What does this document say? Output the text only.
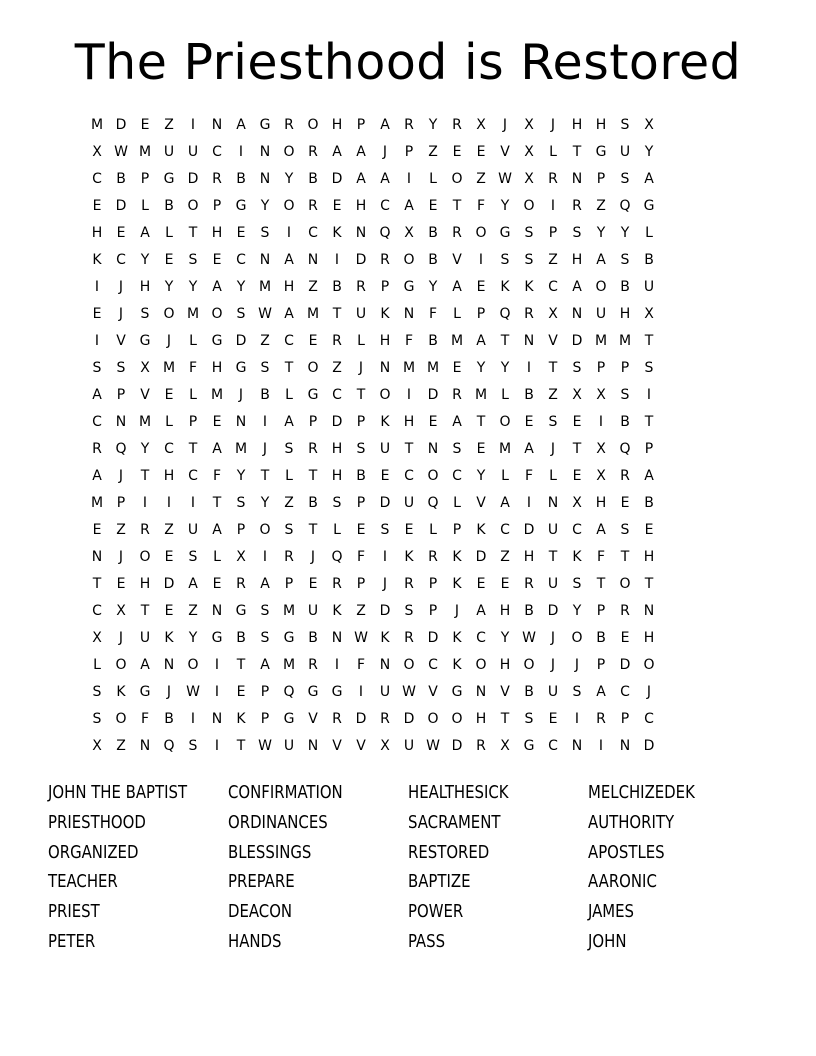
The Priesthood is Restored
M D	E	Z	I	N A G R O H	P	A	R	Y	R	X	J	X	J	H H	S	X
X W M U U C	I	N O R	A	A	J	P	Z	E	E	V	X	L	T	G U	Y
C	B	P	G D R	B N	Y	B D A	A	I	L	O Z W X	R N	P	S	A
E	D	L	B O	P	G	Y	O R	E	H C	A	E	T	F	Y	O	I	R	Z Q G
H	E	A	L	T	H	E	S	I	C	K	N Q X	B	R O G	S	P	S	Y	Y	L
K	C	Y	E	S	E	C N A N	I	D R O B	V	I	S	S	Z H A	S	B
I	J	H	Y	Y	A	Y M H Z	B	R	P	G	Y	A	E	K	K	C	A O B	U
E	J	S	O M O	S W A M T	U	K	N	F	L	P	Q R	X N U H X
I	V G	J	L	G D Z	C	E	R	L	H	F	B M A	T	N V D M M T
S	S	X M F	H G	S	T	O Z	J	N M M E	Y	Y	I	T	S	P	P	S
A	P	V	E	L	M	J	B	L	G C	T	O	I	D R M	L	B	Z	X	X	S	I
C N M	L	P	E	N	I	A	P	D	P	K	H	E	A	T	O	E	S	E	I	B	T
R Q	Y	C	T	A M	J	S	R H	S	U	T	N	S	E M A	J	T	X Q	P
A	J	T	H C	F	Y	T	L	T	H B	E	C O C	Y	L	F	L	E	X	R	A
M P	I	I	I	T	S	Y	Z	B	S	P	D U Q	L	V	A	I	N X H	E	B
E	Z	R	Z	U	A	P	O	S	T	L	E	S	E	L	P	K	C D U C	A	S	E
N	J	O	E	S	L	X	I	R	J	Q	F	I	K	R	K	D Z H	T	K	F	T	H
T	E	H D A	E	R	A	P	E	R	P	J	R	P	K	E	E	R	U	S	T	O	T
C	X	T	E	Z N G	S M U	K	Z D	S	P	J	A H B D	Y	P	R N
X	J	U	K	Y	G B	S	G B N W K	R D	K	C	Y W	J	O B	E	H
L	O A N O	I	T	A M R	I	F	N O C	K O H O	J	J	P	D O
S	K G	J	W	I	E	P	Q G G	I	U W V G N V	B	U	S	A	C	J
S	O	F	B	I	N	K	P	G V	R D R D O O H	T	S	E	I	R	P	C
X	Z N Q	S	I	T W U N V	V	X	U W D R	X G C N	I	N D
JOHN THE BAPTIST	CONFIRMATION	HEALTHESICK	MELCHIZEDEK
PRIESTHOOD	ORDINANCES	SACRAMENT	AUTHORITY
ORGANIZED	BLESSINGS	RESTORED	APOSTLES
TEACHER	PREPARE	BAPTIZE	AARONIC
PRIEST	DEACON	POWER	JAMES
PETER	HANDS	PASS	JOHN
